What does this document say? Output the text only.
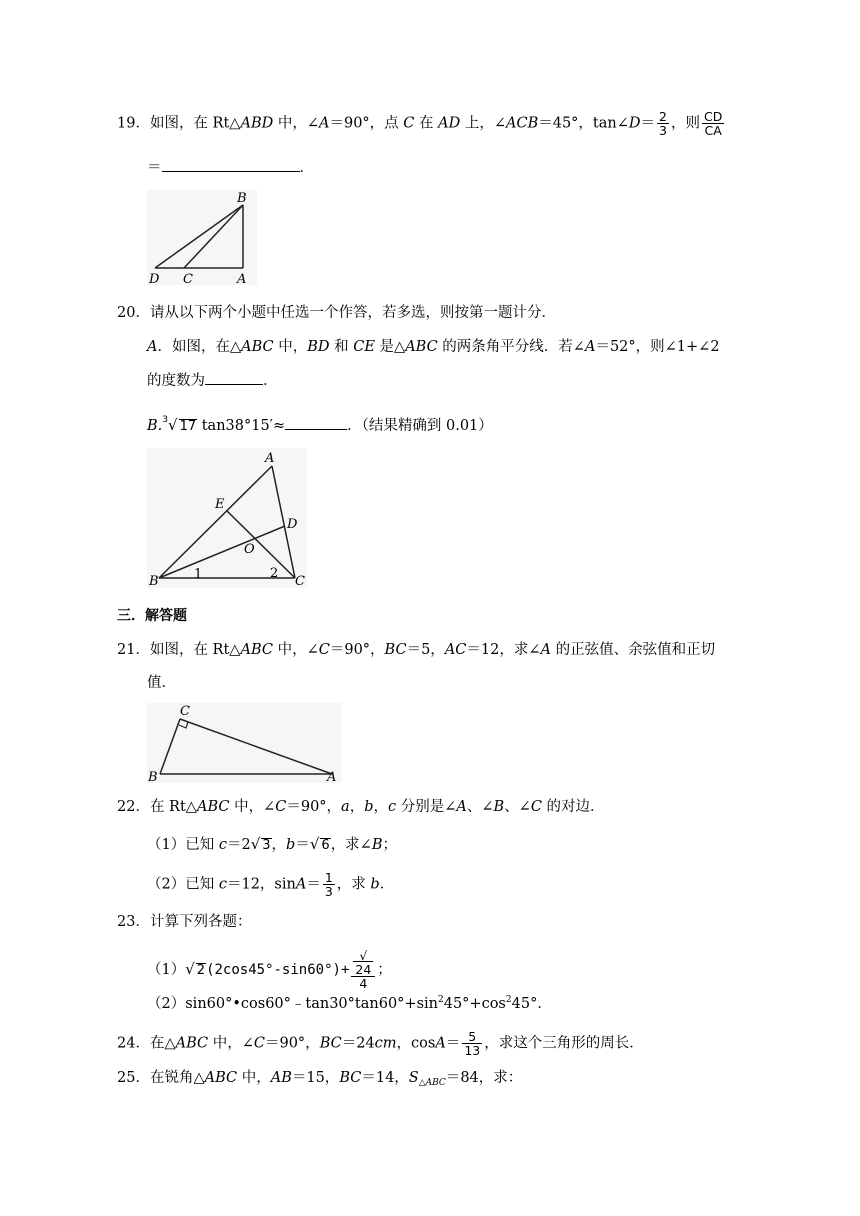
19．如图，在 Rt△ABD 中，∠A＝90°，点 C 在 AD 上，∠ACB＝45°，tan∠D＝ $\frac{2}{3}$ ，则 $\frac{CD}{CA}$
＝	．
B
D C	A
20．请从以下两个小题中任选一个作答，若多选，则按第一题计分．
A．如图，在△ABC 中，BD 和 CE 是△ABC 的两条角平分线．若∠A＝52°，则∠1+∠2
的度数为	．
B.$^3$√ 17 tan38°15′≈	．（结果精确到 0.01）
A
E
D
O
B	1	2
C
三．解答题
21．如图，在 Rt△ABC 中，∠C＝90°，BC＝5，AC＝12，求∠A 的正弦值、余弦值和正切
值．
C
B	A
22．在 Rt△ABC 中，∠C＝90°，a，b，c 分别是∠A、∠B、∠C 的对边．
（1）已知 c＝2√ 3，b＝√ 6，求∠B；
（2）已知 c＝12，$\sin A= \frac{1}{3}$ ，求 b．
23．计算下列各题：
（1）√ 2(2cos45°-sin60°)+ √
24
4 ；
$(2)\sin 60^\circ•\cos 60^\circ﹣\tan 30^\circ\tan 60^\circ+\sin^245^\circ+\cos^245^\circ$．
24．在△ABC 中，∠C＝90°，BC＝24cm，$\cos A= \frac{5}{13}$ ，求这个三角形的周长．
25．在锐角△ABC 中，AB＝15，BC＝14，$S_{\triangle ABC}=84$，求：
